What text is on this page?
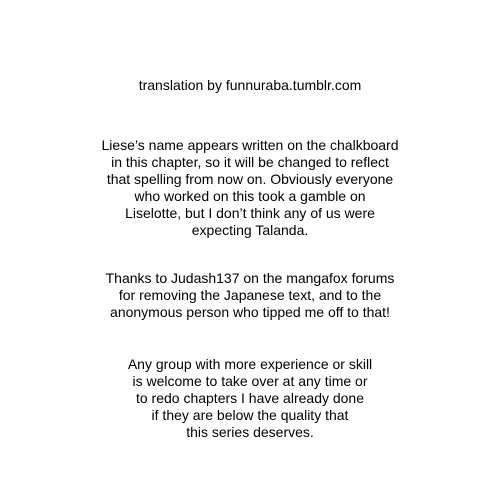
translation by funnuraba.tumblr.com
Liese’s name appears written on the chalkboard
in this chapter, so it will be changed to reflect
that spelling from now on. Obviously everyone
who worked on this took a gamble on
Liselotte, but I don’t think any of us were
expecting Talanda.
Thanks to Judash137 on the mangafox forums
for removing the Japanese text, and to the
anonymous person who tipped me off to that!
Any group with more experience or skill
is welcome to take over at any time or
to redo chapters I have already done
if they are below the quality that
this series deserves.
